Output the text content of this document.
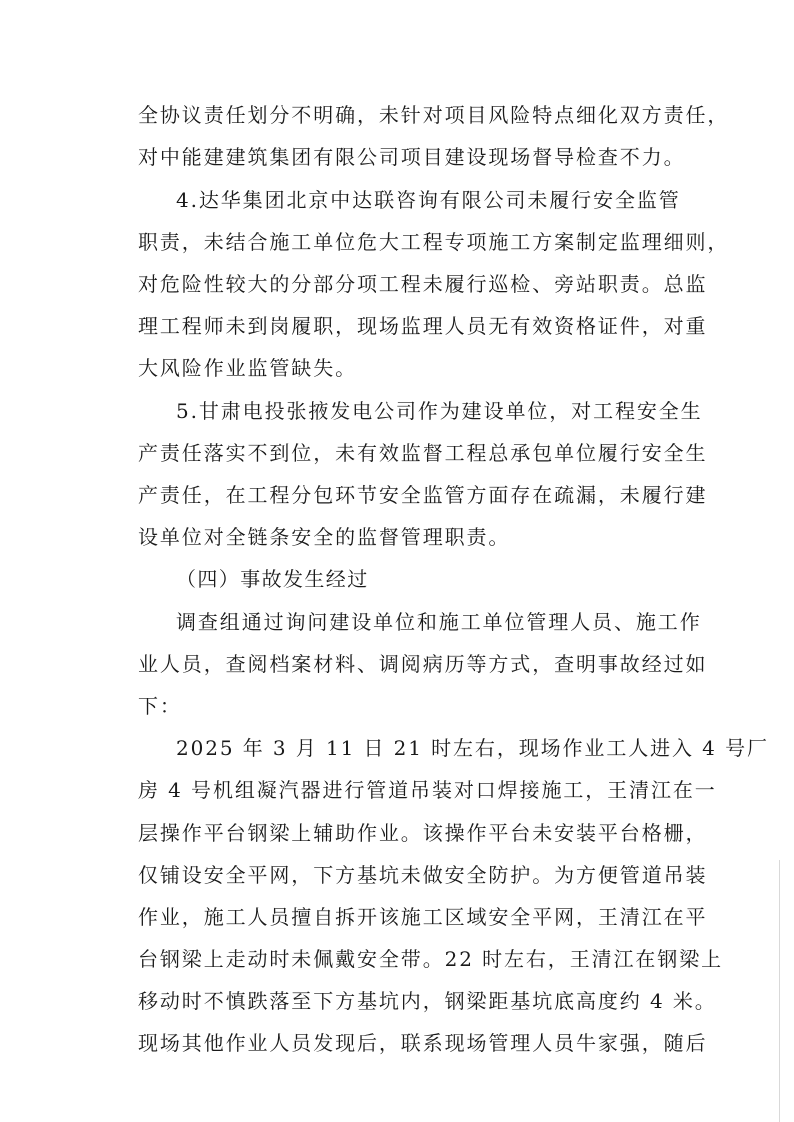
全协议责任划分不明确，未针对项目风险特点细化双方责任，
对中能建建筑集团有限公司项目建设现场督导检查不力。
4.达华集团北京中达联咨询有限公司未履行安全监管
职责，未结合施工单位危大工程专项施工方案制定监理细则，
对危险性较大的分部分项工程未履行巡检、旁站职责。总监
理工程师未到岗履职，现场监理人员无有效资格证件，对重
大风险作业监管缺失。
5.甘肃电投张掖发电公司作为建设单位，对工程安全生
产责任落实不到位，未有效监督工程总承包单位履行安全生
产责任，在工程分包环节安全监管方面存在疏漏，未履行建
设单位对全链条安全的监督管理职责。
（四）事故发生经过
调查组通过询问建设单位和施工单位管理人员、施工作
业人员，查阅档案材料、调阅病历等方式，查明事故经过如
下：
2025 年 3 月 11 日 21 时左右，现场作业工人进入 4 号厂
房 4 号机组凝汽器进行管道吊装对口焊接施工，王清江在一
层操作平台钢梁上辅助作业。该操作平台未安装平台格栅，
仅铺设安全平网，下方基坑未做安全防护。为方便管道吊装
作业，施工人员擅自拆开该施工区域安全平网，王清江在平
台钢梁上走动时未佩戴安全带。22 时左右，王清江在钢梁上
移动时不慎跌落至下方基坑内，钢梁距基坑底高度约 4 米。
现场其他作业人员发现后，联系现场管理人员牛家强，随后
